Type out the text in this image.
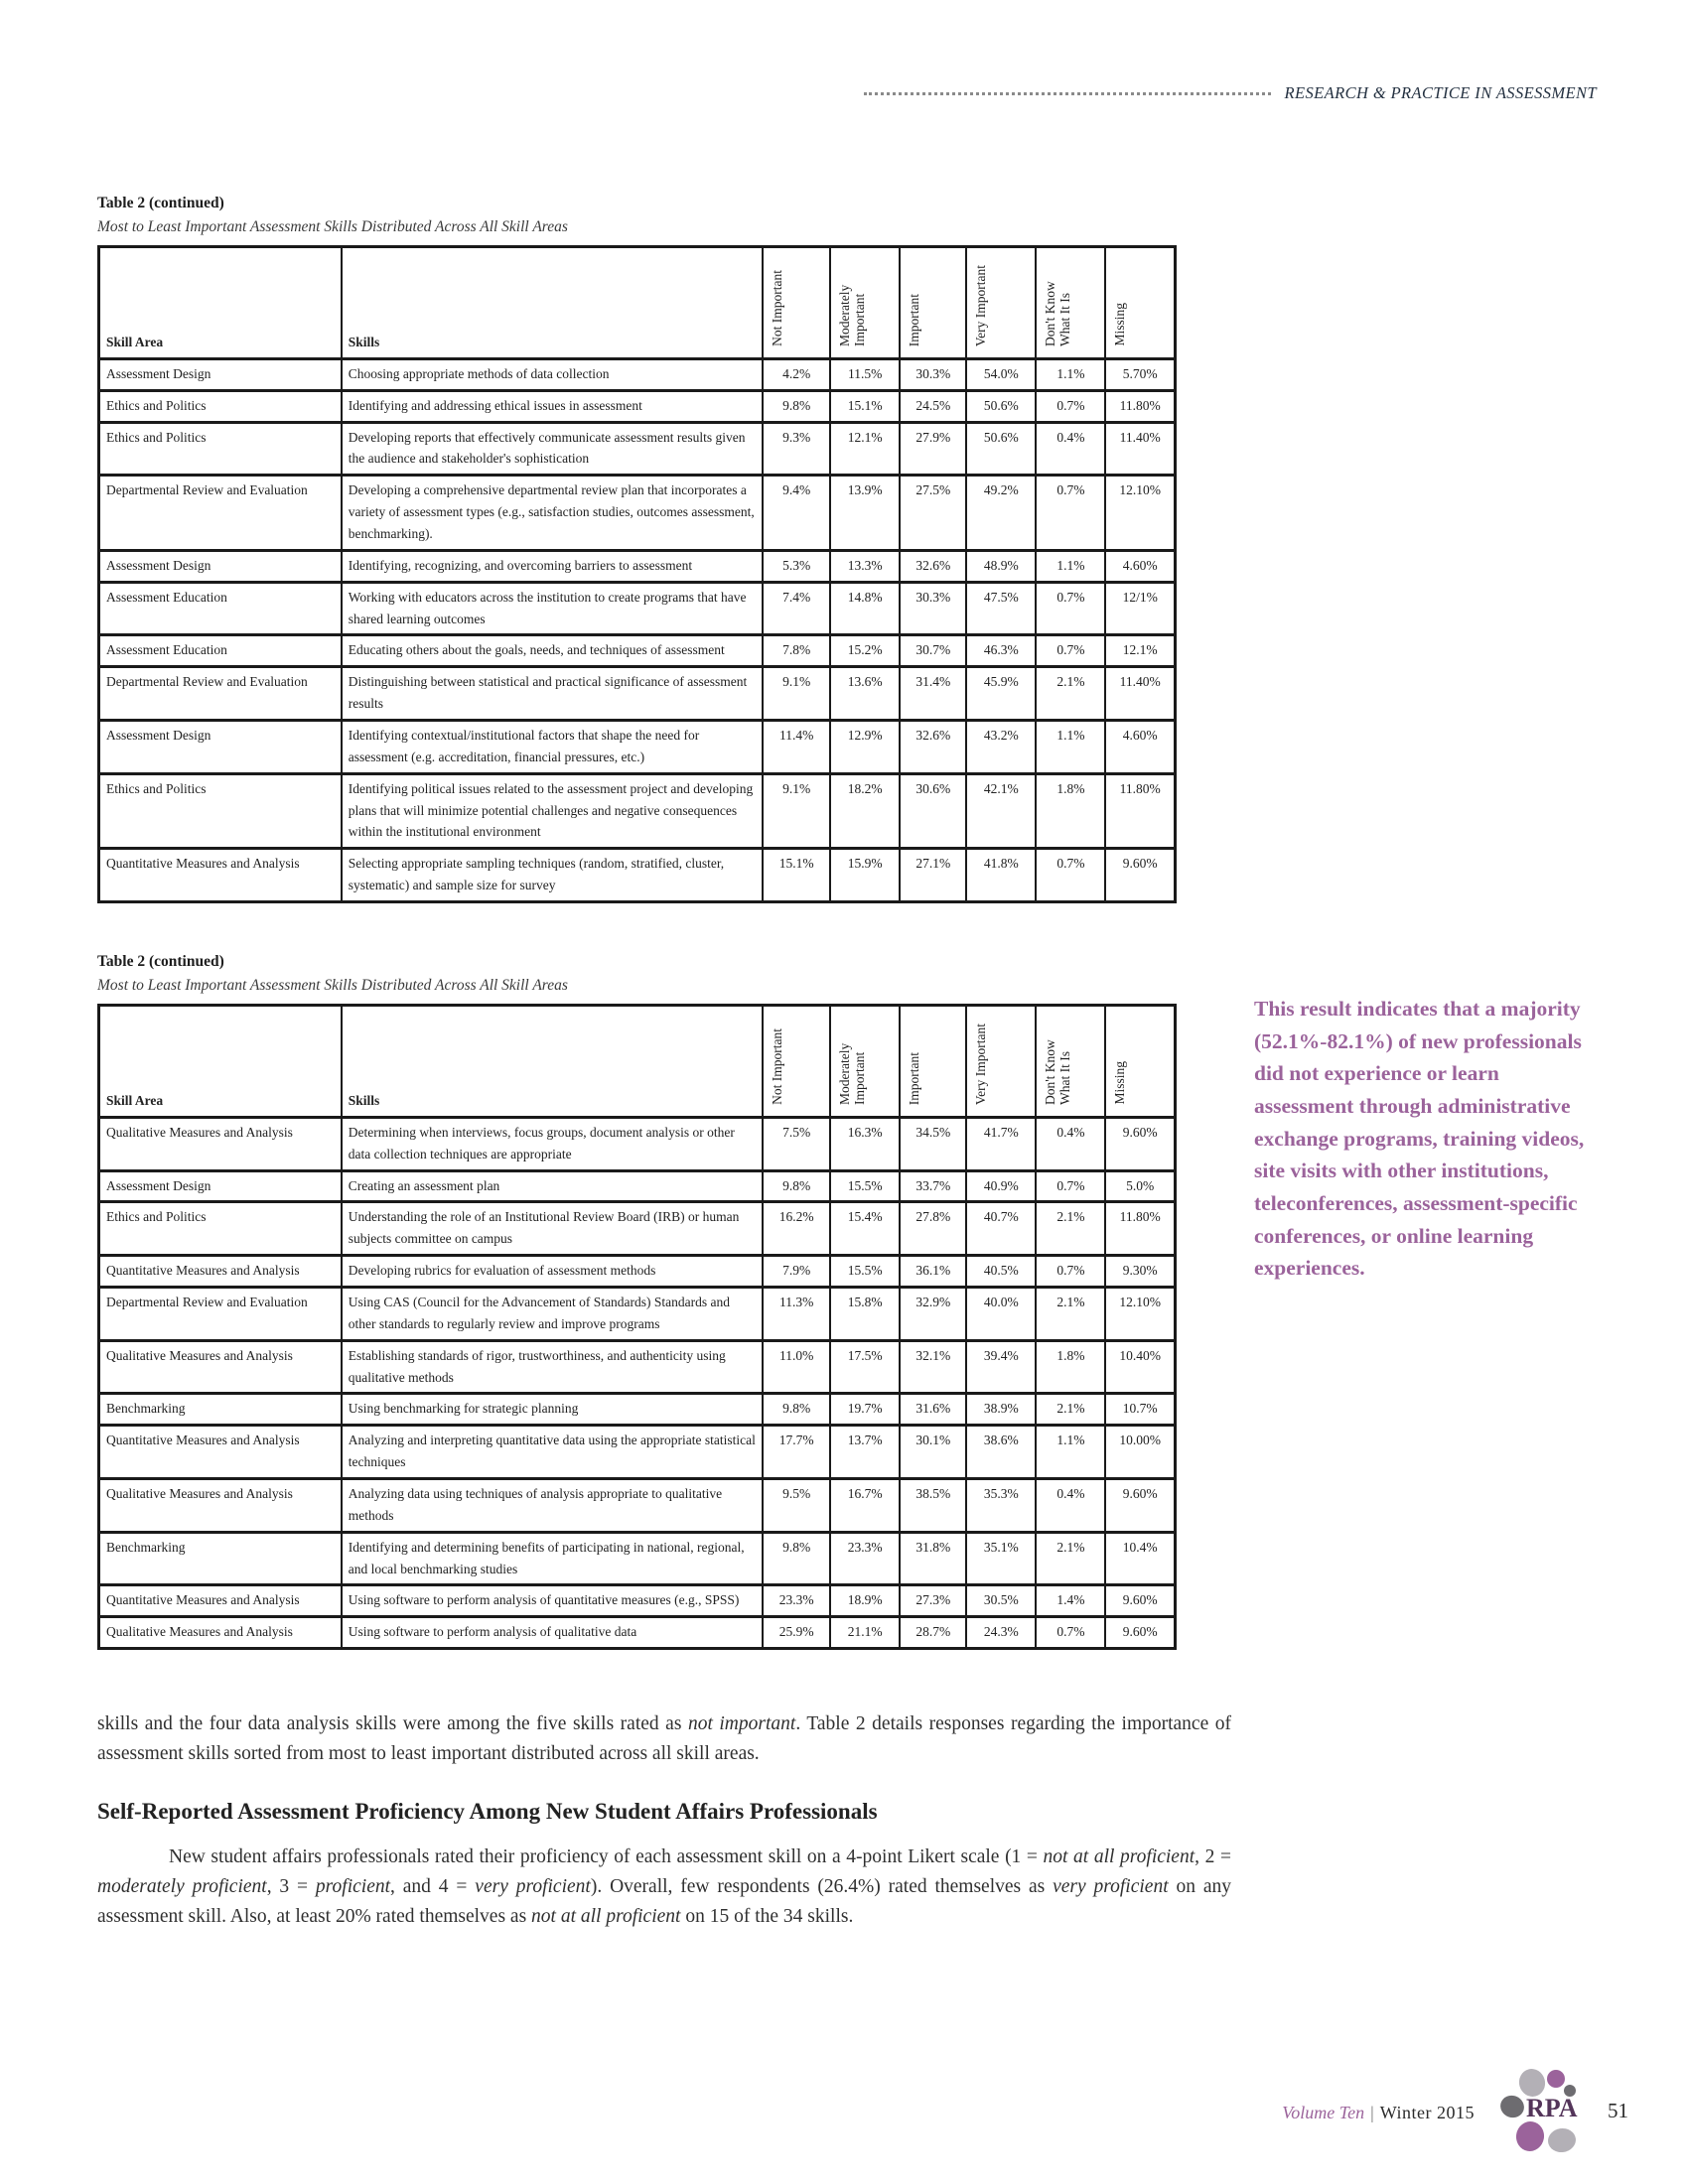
RESEARCH & PRACTICE IN ASSESSMENT
Table 2 (continued)
Most to Least Important Assessment Skills Distributed Across All Skill Areas
Skill Area	Skills	Not Important	Moderately Important	Important	Very Important	Don't Know What It Is	Missing
Assessment Design	Choosing appropriate methods of data collection	4.2%	11.5%	30.3%	54.0%	1.1%	5.70%
Ethics and Politics	Identifying and addressing ethical issues in assessment	9.8%	15.1%	24.5%	50.6%	0.7%	11.80%
Ethics and Politics	Developing reports that effectively communicate assessment results given the audience and stakeholder's sophistication	9.3%	12.1%	27.9%	50.6%	0.4%	11.40%
Departmental Review and Evaluation	Developing a comprehensive departmental review plan that incorporates a variety of assessment types (e.g., satisfaction studies, outcomes assessment, benchmarking).	9.4%	13.9%	27.5%	49.2%	0.7%	12.10%
Assessment Design	Identifying, recognizing, and overcoming barriers to assessment	5.3%	13.3%	32.6%	48.9%	1.1%	4.60%
Assessment Education	Working with educators across the institution to create programs that have shared learning outcomes	7.4%	14.8%	30.3%	47.5%	0.7%	12/1%
Assessment Education	Educating others about the goals, needs, and techniques of assessment	7.8%	15.2%	30.7%	46.3%	0.7%	12.1%
Departmental Review and Evaluation	Distinguishing between statistical and practical significance of assessment results	9.1%	13.6%	31.4%	45.9%	2.1%	11.40%
Assessment Design	Identifying contextual/institutional factors that shape the need for assessment (e.g. accreditation, financial pressures, etc.)	11.4%	12.9%	32.6%	43.2%	1.1%	4.60%
Ethics and Politics	Identifying political issues related to the assessment project and developing plans that will minimize potential challenges and negative consequences within the institutional environment	9.1%	18.2%	30.6%	42.1%	1.8%	11.80%
Quantitative Measures and Analysis	Selecting appropriate sampling techniques (random, stratified, cluster, systematic) and sample size for survey	15.1%	15.9%	27.1%	41.8%	0.7%	9.60%
Table 2 (continued)
Most to Least Important Assessment Skills Distributed Across All Skill Areas
Skill Area	Skills	Not Important	Moderately Important	Important	Very Important	Don't Know What It Is	Missing
Qualitative Measures and Analysis	Determining when interviews, focus groups, document analysis or other data collection techniques are appropriate	7.5%	16.3%	34.5%	41.7%	0.4%	9.60%
Assessment Design	Creating an assessment plan	9.8%	15.5%	33.7%	40.9%	0.7%	5.0%
Ethics and Politics	Understanding the role of an Institutional Review Board (IRB) or human subjects committee on campus	16.2%	15.4%	27.8%	40.7%	2.1%	11.80%
Quantitative Measures and Analysis	Developing rubrics for evaluation of assessment methods	7.9%	15.5%	36.1%	40.5%	0.7%	9.30%
Departmental Review and Evaluation	Using CAS (Council for the Advancement of Standards) Standards and other standards to regularly review and improve programs	11.3%	15.8%	32.9%	40.0%	2.1%	12.10%
Qualitative Measures and Analysis	Establishing standards of rigor, trustworthiness, and authenticity using qualitative methods	11.0%	17.5%	32.1%	39.4%	1.8%	10.40%
Benchmarking	Using benchmarking for strategic planning	9.8%	19.7%	31.6%	38.9%	2.1%	10.7%
Quantitative Measures and Analysis	Analyzing and interpreting quantitative data using the appropriate statistical techniques	17.7%	13.7%	30.1%	38.6%	1.1%	10.00%
Qualitative Measures and Analysis	Analyzing data using techniques of analysis appropriate to qualitative methods	9.5%	16.7%	38.5%	35.3%	0.4%	9.60%
Benchmarking	Identifying and determining benefits of participating in national, regional, and local benchmarking studies	9.8%	23.3%	31.8%	35.1%	2.1%	10.4%
Quantitative Measures and Analysis	Using software to perform analysis of quantitative measures (e.g., SPSS)	23.3%	18.9%	27.3%	30.5%	1.4%	9.60%
Qualitative Measures and Analysis	Using software to perform analysis of qualitative data	25.9%	21.1%	28.7%	24.3%	0.7%	9.60%
This result indicates that a majority (52.1%-82.1%) of new professionals did not experience or learn assessment through administrative exchange programs, training videos, site visits with other institutions, teleconferences, assessment-specific conferences, or online learning experiences.

skills and the four data analysis skills were among the five skills rated as not important. Table 2 details responses regarding the importance of assessment skills sorted from most to least important distributed across all skill areas.

Self-Reported Assessment Proficiency Among New Student Affairs Professionals

New student affairs professionals rated their proficiency of each assessment skill on a 4-point Likert scale (1 = not at all proficient, 2 = moderately proficient, 3 = proficient, and 4 = very proficient). Overall, few respondents (26.4%) rated themselves as very proficient on any assessment skill. Also, at least 20% rated themselves as not at all proficient on 15 of the 34 skills.

Volume Ten | Winter 2015 RPA 51
